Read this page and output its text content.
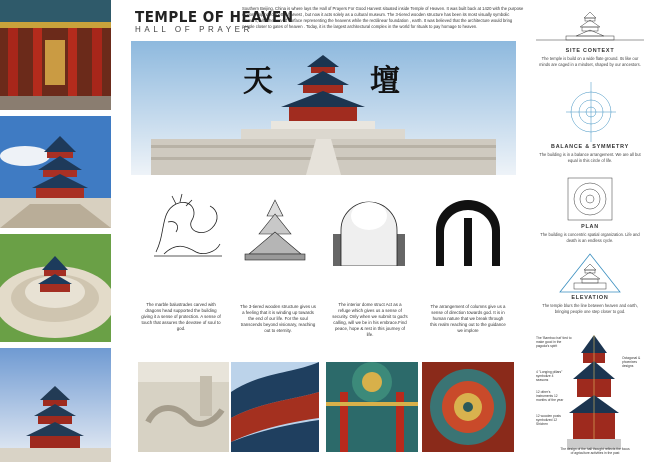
TEMPLE OF HEAVEN
HALL OF PRAYER
Southern Beijing, China is where lays the Hall of Prayers For Good Harvest situated inside Temple of Heaven. It was built back at 1420 with the purpose of worshipping for better harvest , but now it acts solely as a cultural museum. The 3-tiered wooden structure has been its most visually symbolic element, with the curved surface representing the heavens while the rectilinear foundation , earth. It was believed that the architecture would bring people closer to gates of heaven . Today, it is the largest architectural complex in the world for rituals to pay homage to heaven.
天	壇
The marble balustrades carved with dragons head supported the building giving it a sense of protection. A sense of touch that assures the devotee of soul to god.
The 3-tiered wooden structure gives us a feeling that it is winding up towards the end of our life. For the soul transcends beyond visionary, reaching out to eternity.
The interior dome struct Act as a refuge which gives us a sense of security. Only when we submit to god's calling, will we be in his embrace.Find peace, hope & rest in this journey of life.
The arrangement of columns give us a sense of direction towards god. It is in human nature that we break through this realm reaching out to the guidance we implore
SITE CONTEXT
The temple is build on a wide flate ground. Its like our minds are caged in a mindset, shaped by our ancestors.
BALANCE & SYMMETRY
The building is in a balance arrangement. We are all but equal in this circle of life.
PLAN
The building is concentric spatial organization. Life and death is an endless cycle.
ELEVATION
The temple blurs the line between heaven and earth, bringing people one step closer to god.
The 'Bamboo hat' tied to make good in the pagoda's spirit
4 "Longing pillars" symbolize 4 seasons
12 other's instruments 12 months of the year
12 wooden posts symbolized 12 Shichen
Octagonal & phoenixes designs
The design of the hall thought reflects the focus of agriculture activities in the past
